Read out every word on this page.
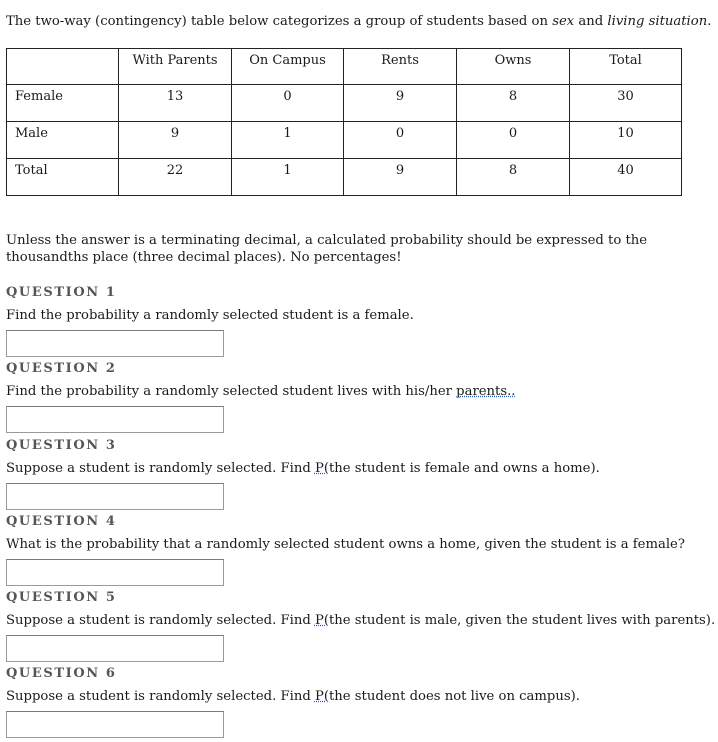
The two-way (contingency) table below categorizes a group of students based on sex and living situation.
	With Parents	On Campus	Rents	Owns	Total
Female	13	0	9	8	30
Male	9	1	0	0	10
Total	22	1	9	8	40
Unless the answer is a terminating decimal, a calculated probability should be expressed to the thousandths place (three decimal places). No percentages!
QUESTION 1
Find the probability a randomly selected student is a female.
QUESTION 2
Find the probability a randomly selected student lives with his/her parents..
QUESTION 3
Suppose a student is randomly selected. Find P(the student is female and owns a home).
QUESTION 4
What is the probability that a randomly selected student owns a home, given the student is a female?
QUESTION 5
Suppose a student is randomly selected. Find P(the student is male, given the student lives with parents).
QUESTION 6
Suppose a student is randomly selected. Find P(the student does not live on campus).
